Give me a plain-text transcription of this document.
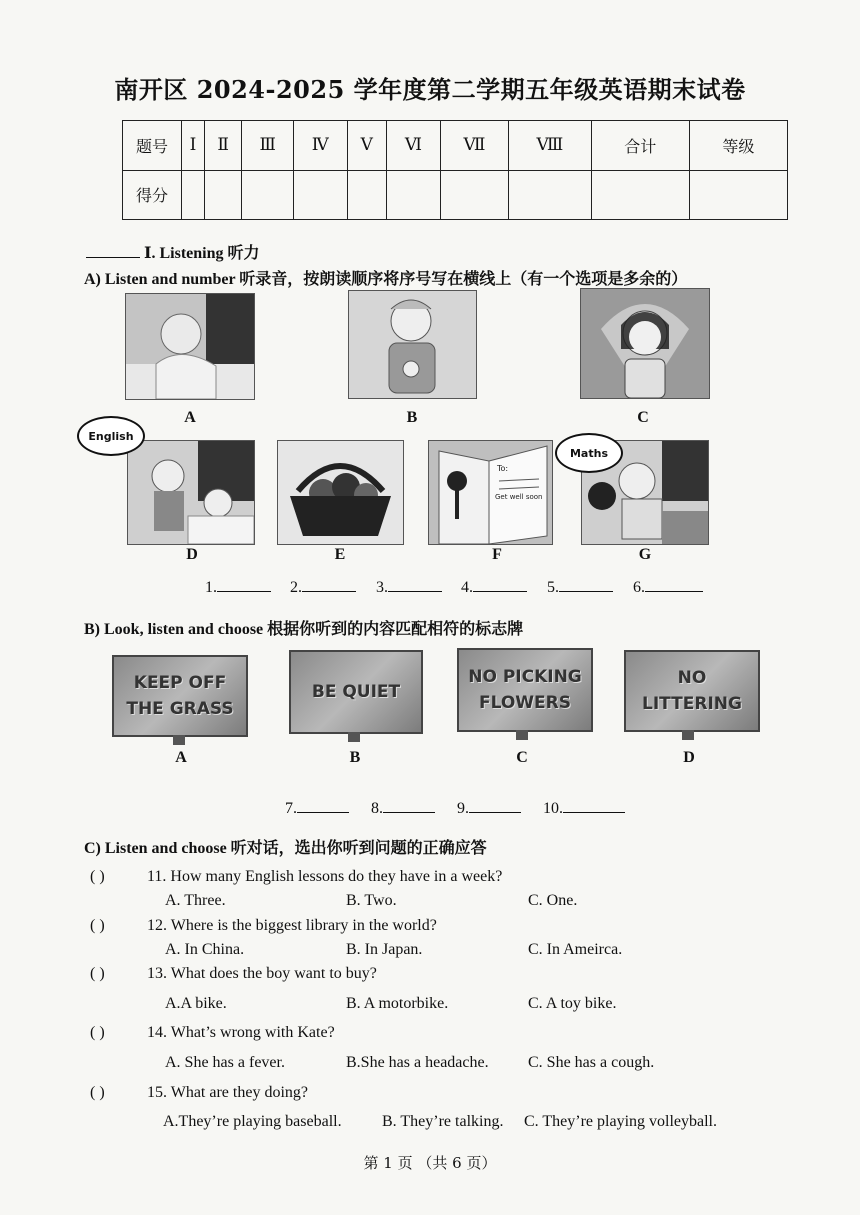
南开区 2024-2025 学年度第二学期五年级英语期末试卷
题号	Ⅰ	Ⅱ	Ⅲ	Ⅳ	Ⅴ	Ⅵ	Ⅶ	Ⅷ	合计	等级
得分										
Ⅰ. Listening 听力
A) Listen and number 听录音，按朗读顺序将序号写在横线上（有一个选项是多余的）
A	B	C
English
D	E
To:
Get well soon
F
Maths
G
1.	2.	3.	4.	5.	6.
B) Look, listen and choose 根据你听到的内容匹配相符的标志牌
KEEP OFF
THE GRASS
A
BE QUIET
B
NO PICKING
FLOWERS
C
NO
LITTERING
D
7.	8.	9.	10.
C) Listen and choose 听对话，选出你听到问题的正确应答
( )	11. How many English lessons do they have in a week?
A. Three.	B. Two.	C. One.
( )	12. Where is the biggest library in the world?
A. In China.	B. In Japan.	C. In Ameirca.
( )	13. What does the boy want to buy?
A.A bike.	B. A motorbike.	C. A toy bike.
( )	14. What’s wrong with Kate?
A. She has a fever.	B.She has a headache. C. She has a cough.
( )	15. What are they doing?
A.They’re playing baseball.	B. They’re talking. C. They’re playing volleyball.
第 1 页 （共 6 页）
